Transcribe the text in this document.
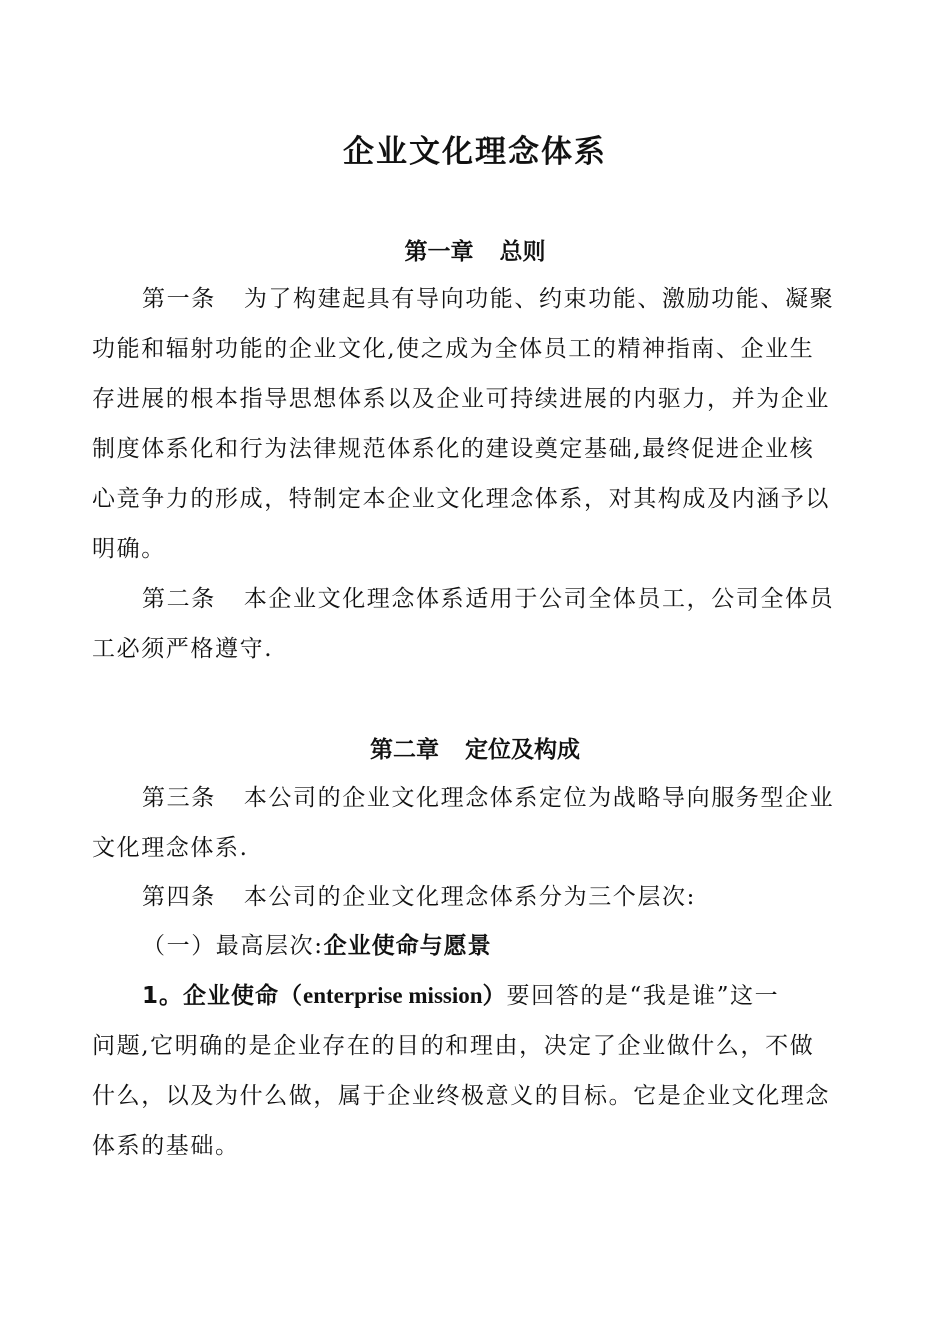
企业文化理念体系
第一章 总则
第一条 为了构建起具有导向功能、约束功能、激励功能、凝聚
功能和辐射功能的企业文化,使之成为全体员工的精神指南、企业生
存进展的根本指导思想体系以及企业可持续进展的内驱力，并为企业
制度体系化和行为法律规范体系化的建设奠定基础,最终促进企业核
心竞争力的形成，特制定本企业文化理念体系，对其构成及内涵予以
明确。
第二条 本企业文化理念体系适用于公司全体员工，公司全体员
工必须严格遵守.
第二章 定位及构成
第三条 本公司的企业文化理念体系定位为战略导向服务型企业
文化理念体系.
第四条 本公司的企业文化理念体系分为三个层次:
（一）最高层次:企业使命与愿景
1。企业使命（enterprise mission）要回答的是“我是谁”这一
问题,它明确的是企业存在的目的和理由，决定了企业做什么，不做
什么，以及为什么做，属于企业终极意义的目标。它是企业文化理念
体系的基础。
